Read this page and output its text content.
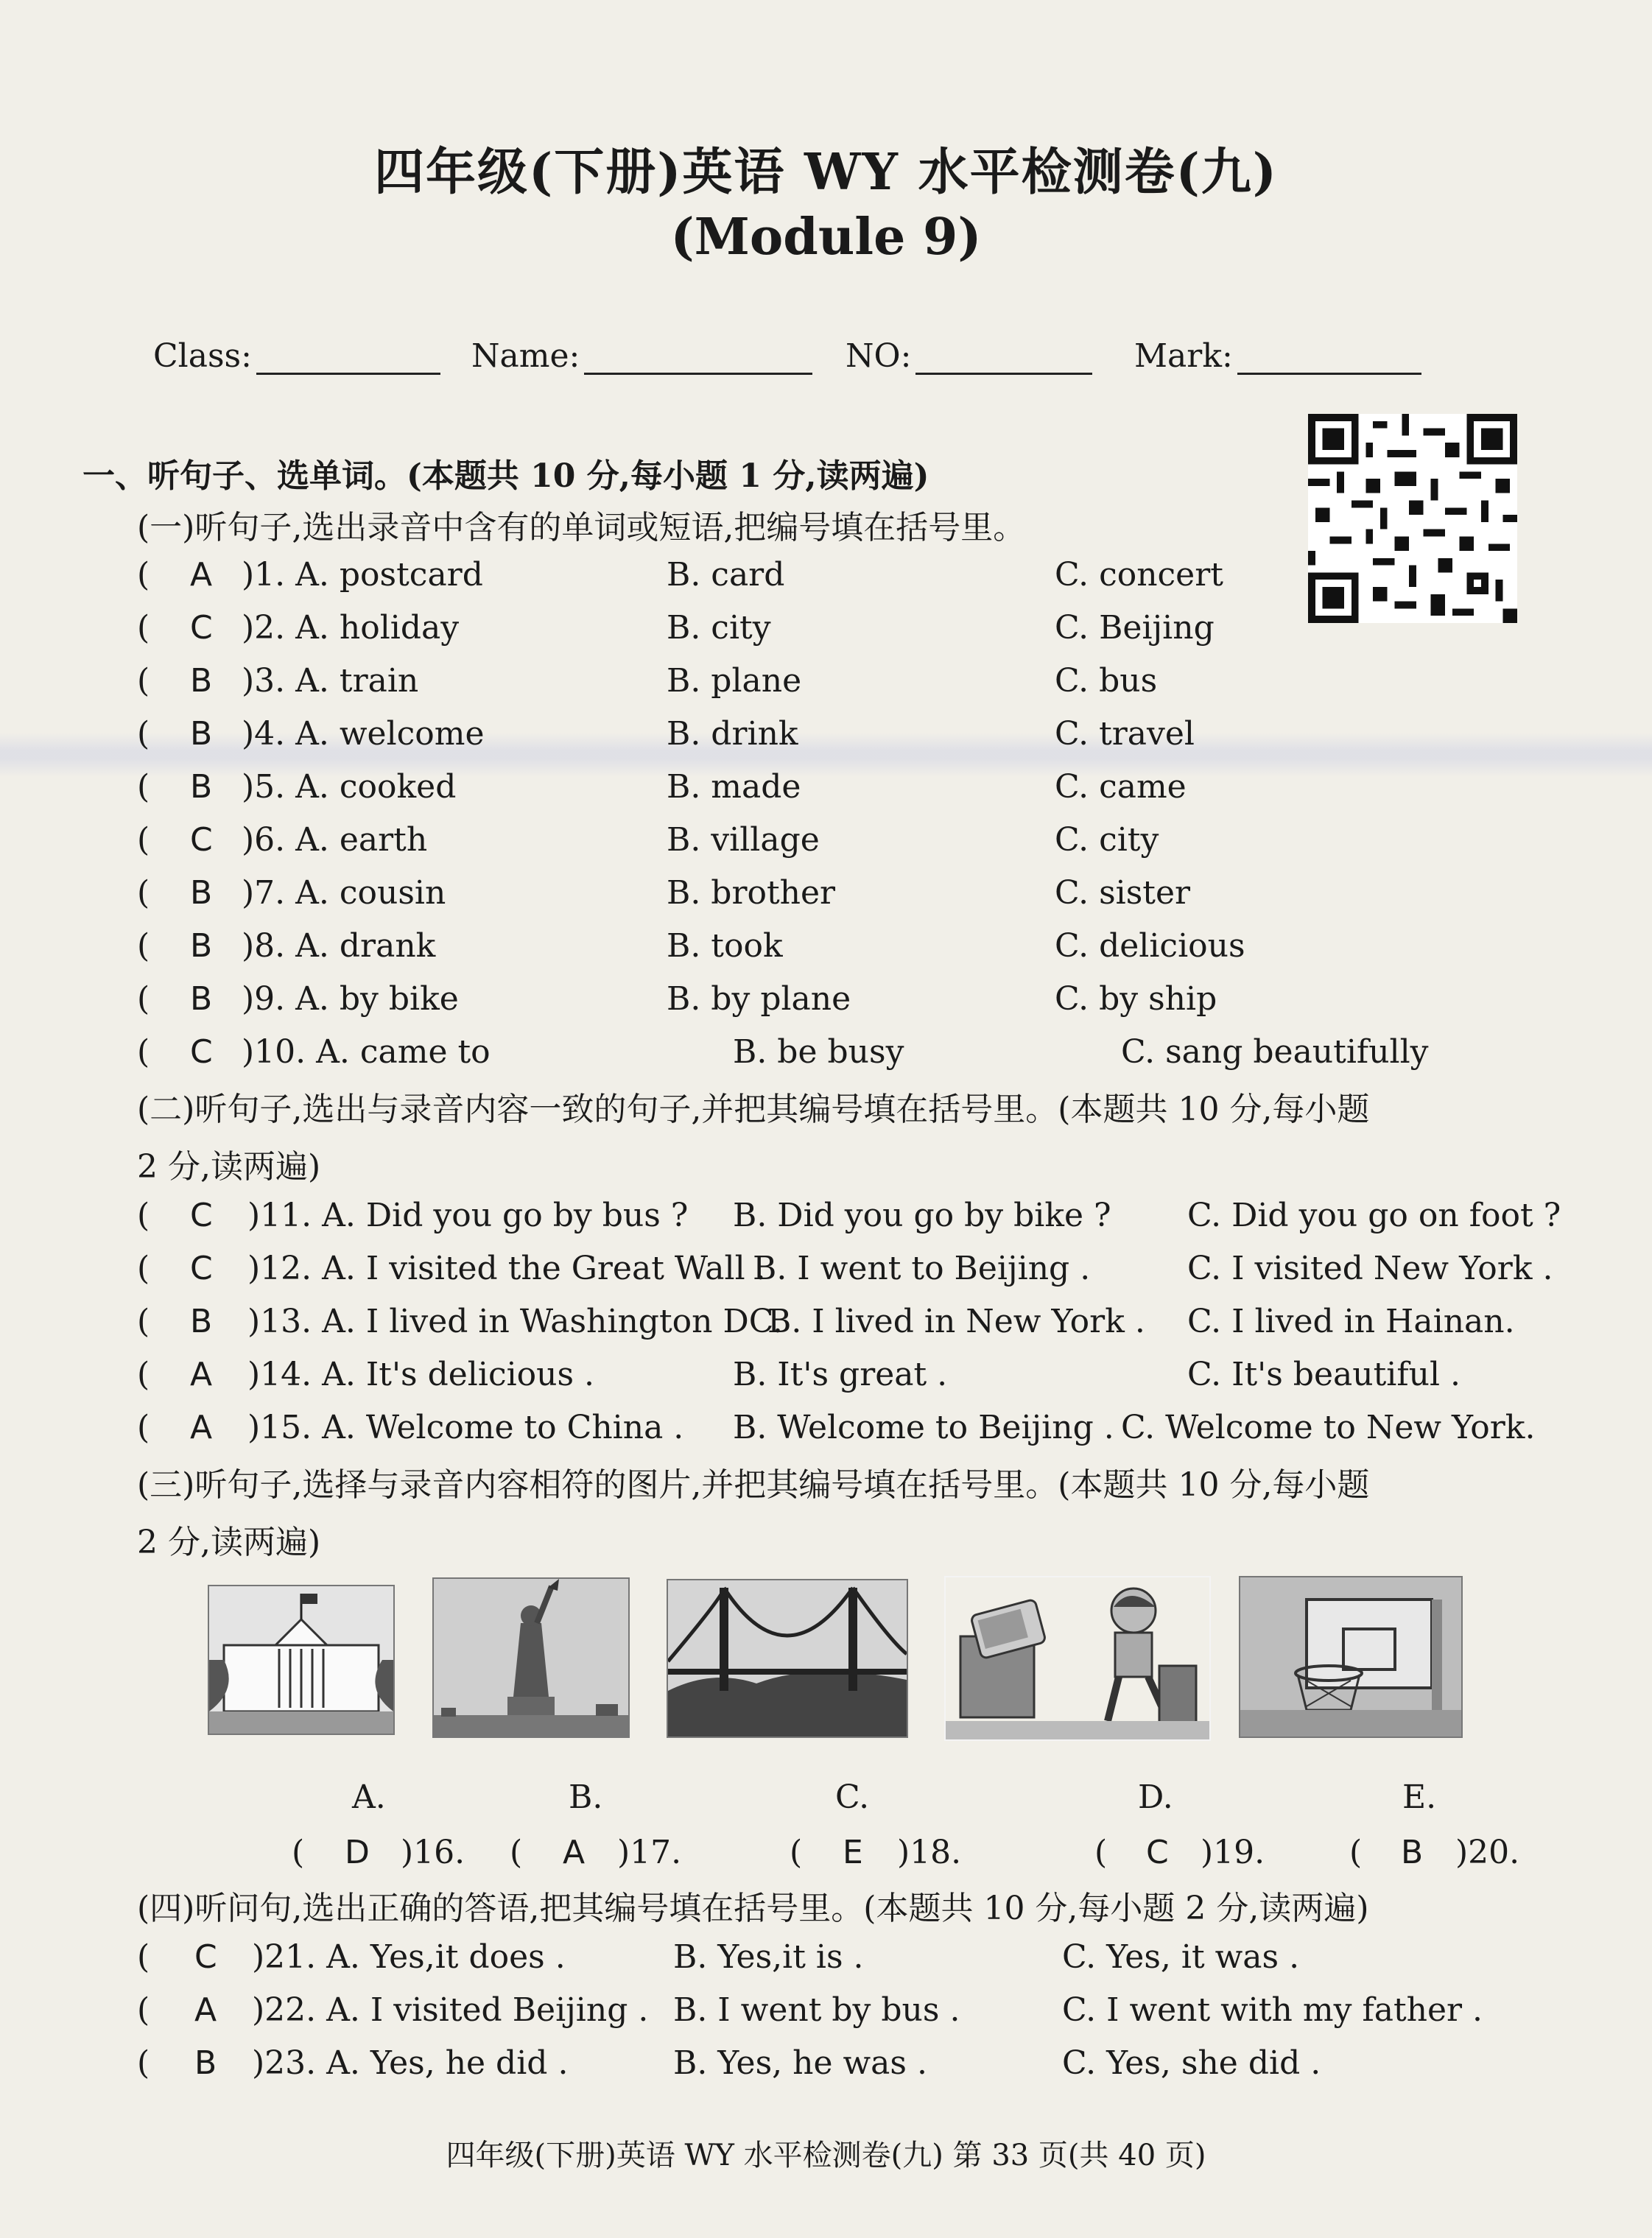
四年级(下册)英语 WY 水平检测卷(九)
(Module 9)
Class:	Name:	NO:	Mark:
一、听句子、选单词。(本题共 10 分,每小题 1 分,读两遍)
(一)听句子,选出录音中含有的单词或短语,把编号填在括号里。
( A )1. A. postcard	B. card	C. concert
( C )2. A. holiday	B. city	C. Beijing
( B )3. A. train	B. plane	C. bus
( B )4. A. welcome	B. drink	C. travel
( B )5. A. cooked	B. made	C. came
( C )6. A. earth	B. village	C. city
( B )7. A. cousin	B. brother	C. sister
( B )8. A. drank	B. took	C. delicious
( B )9. A. by bike	B. by plane	C. by ship
( C )10. A. came to	B. be busy	C. sang beautifully
(二)听句子,选出与录音内容一致的句子,并把其编号填在括号里。(本题共 10 分,每小题
2 分,读两遍)
( C )11. A. Did you go by bus ? B. Did you go by bike ? C. Did you go on foot ?
( C )12. A. I visited the Great Wall .
B. I went to Beijing .	C. I visited New York .
( B )13. A. I lived in Washington DC.
B. I lived in New York . C. I lived in Hainan.
( A )14. A. It's delicious .	B. It's great .	C. It's beautiful .
( A )15. A. Welcome to China . B. Welcome to Beijing . C. Welcome to New York.
(三)听句子,选择与录音内容相符的图片,并把其编号填在括号里。(本题共 10 分,每小题
2 分,读两遍)
A.	B.	C.	D.	E.
( D )16. ( A )17.	( E )18.	( C )19.	( B )20.
(四)听问句,选出正确的答语,把其编号填在括号里。(本题共 10 分,每小题 2 分,读两遍)
( C )21. A. Yes,it does .	B. Yes,it is .	C. Yes, it was .
( A )22. A. I visited Beijing . B. I went by bus .	C. I went with my father .
( B )23. A. Yes, he did .	B. Yes, he was .	C. Yes, she did .
四年级(下册)英语 WY 水平检测卷(九) 第 33 页(共 40 页)
